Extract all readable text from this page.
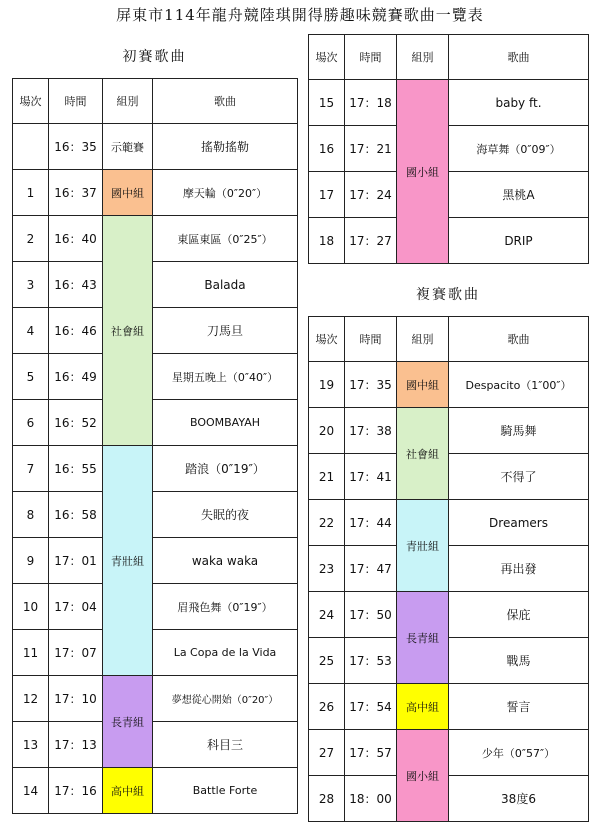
屏東市114年龍舟競陸琪開得勝趣味競賽歌曲一覽表
初賽歌曲
場次	時間	組別	歌曲
	16：35	示範賽	搖勒搖勒
1	16：37	國中組	摩天輪（0″20″）
2	16：40	社會組	東區東區（0″25″）
3	16：43		Balada
4	16：46		刀馬旦
5	16：49		星期五晚上（0″40″）
6	16：52		BOOMBAYAH
7	16：55	青壯組	踏浪（0″19″）
8	16：58		失眠的夜
9	17：01		waka waka
10	17：04		眉飛色舞（0″19″）
11	17：07		La Copa de la Vida
12	17：10	長青組	夢想從心開始（0″20″）
13	17：13		科目三
14	17：16	高中組	Battle Forte
場次	時間	組別	歌曲
15	17：18	國小組	baby ft.
16	17：21		海草舞（0″09″）
17	17：24		黑桃A
18	17：27		DRIP
複賽歌曲
場次	時間	組別	歌曲
19	17：35	國中組	Despacito（1″00″）
20	17：38	社會組	騎馬舞
21	17：41		不得了
22	17：44	青壯組	Dreamers
23	17：47		再出發
24	17：50	長青組	保庇
25	17：53		戰馬
26	17：54	高中組	誓言
27	17：57	國小組	少年（0″57″）
28	18：00		38度6
